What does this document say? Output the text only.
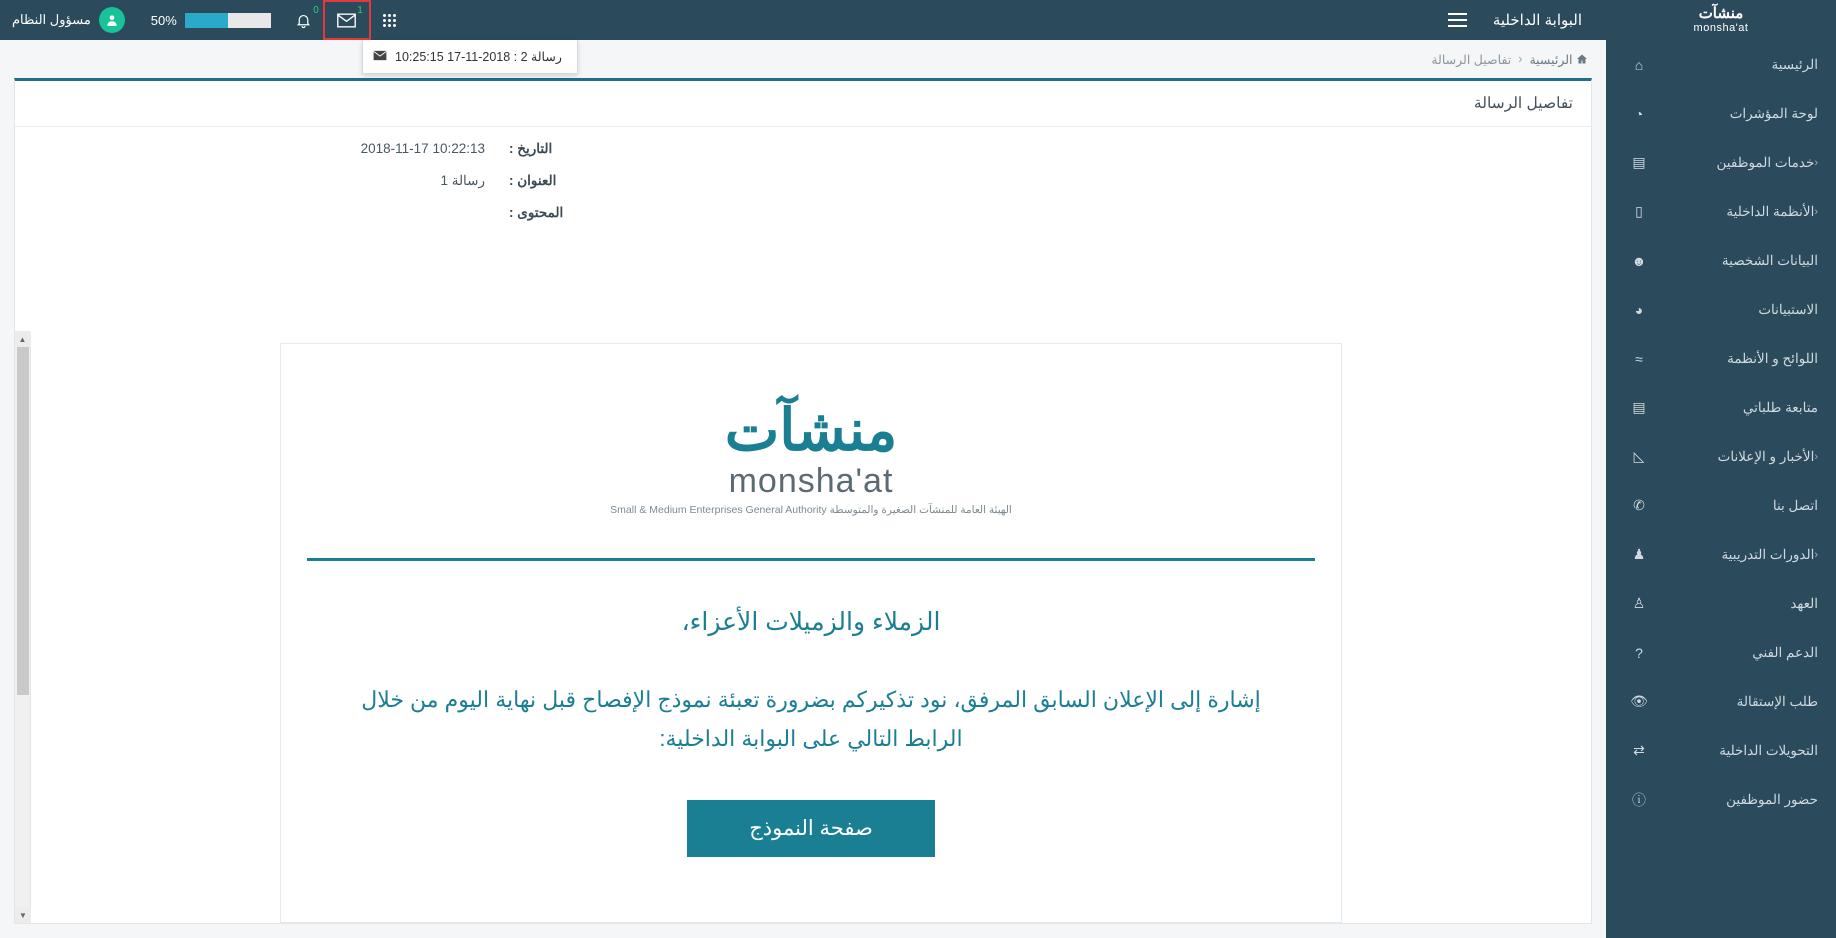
منشآت
monsha'at
البوابة الداخلية
مسؤول النظام	50%
0	1
رسالة 2 : 2018-11-17 10:25:15	الرئيسية
⌂
لوحة المؤشرات
◔
‹
خدمات الموظفين
▤
‹
الأنظمة الداخلية
▯
البيانات الشخصية
☻
الاستبيانات
◕
اللوائح و الأنظمة
≈
متابعة طلباتي
▤
‹
الأخبار و الإعلانات
◺
اتصل بنا
✆
‹
الدورات التدريبية
♟
العهد
♙
الدعم الفني
?
طلب الإستقالة
👁
التحويلات الداخلية
⇄
حضور الموظفين
ⓘ
الرئيسية
‹
تفاصيل الرسالة
تفاصيل الرسالة
التاريخ :
2018-11-17 10:22:13
العنوان :
رسالة 1
المحتوى :
▲
▼
منشآت
monsha'at
الهيئة العامة للمنشآت الصغيرة والمتوسطة Small & Medium Enterprises General Authority
الزملاء والزميلات الأعزاء،
إشارة إلى الإعلان السابق المرفق، نود تذكيركم بضرورة تعبئة نموذج الإفصاح قبل نهاية اليوم من خلال الرابط التالي على البوابة الداخلية:
صفحة النموذج
